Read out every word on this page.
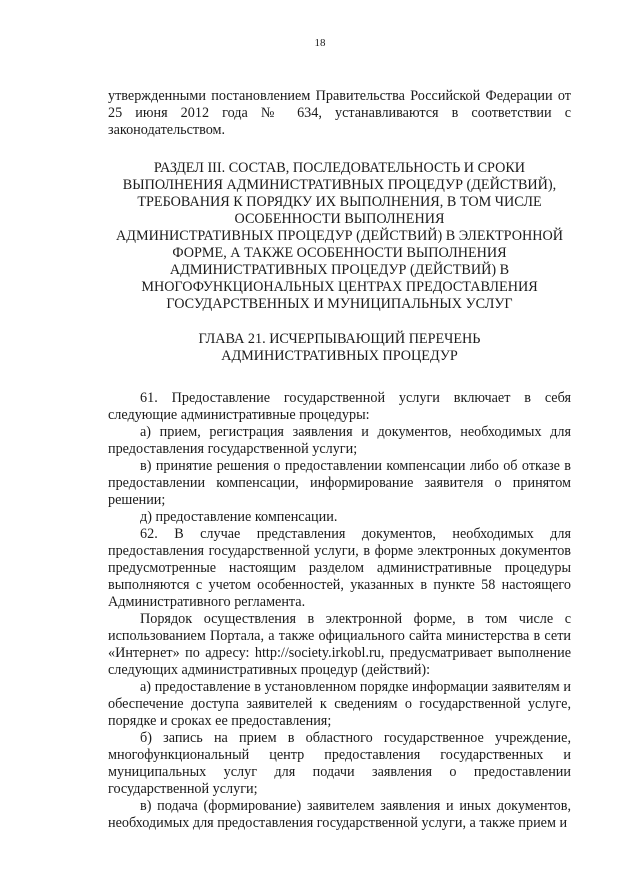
18

утвержденными постановлением Правительства Российской Федерации от 25 июня 2012 года № 634, устанавливаются в соответствии с законодательством.

РАЗДЕЛ III. СОСТАВ, ПОСЛЕДОВАТЕЛЬНОСТЬ И СРОКИ
ВЫПОЛНЕНИЯ АДМИНИСТРАТИВНЫХ ПРОЦЕДУР (ДЕЙСТВИЙ),
ТРЕБОВАНИЯ К ПОРЯДКУ ИХ ВЫПОЛНЕНИЯ, В ТОМ ЧИСЛЕ
ОСОБЕННОСТИ ВЫПОЛНЕНИЯ
АДМИНИСТРАТИВНЫХ ПРОЦЕДУР (ДЕЙСТВИЙ) В ЭЛЕКТРОННОЙ
ФОРМЕ, А ТАКЖЕ ОСОБЕННОСТИ ВЫПОЛНЕНИЯ
АДМИНИСТРАТИВНЫХ ПРОЦЕДУР (ДЕЙСТВИЙ) В
МНОГОФУНКЦИОНАЛЬНЫХ ЦЕНТРАХ ПРЕДОСТАВЛЕНИЯ
ГОСУДАРСТВЕННЫХ И МУНИЦИПАЛЬНЫХ УСЛУГ
ГЛАВА 21. ИСЧЕРПЫВАЮЩИЙ ПЕРЕЧЕНЬ
АДМИНИСТРАТИВНЫХ ПРОЦЕДУР

61. Предоставление государственной услуги включает в себя следующие административные процедуры:

а) прием, регистрация заявления и документов, необходимых для предоставления государственной услуги;

в) принятие решения о предоставлении компенсации либо об отказе в предоставлении компенсации, информирование заявителя о принятом решении;

д) предоставление компенсации.

62. В случае представления документов, необходимых для предоставления государственной услуги, в форме электронных документов предусмотренные настоящим разделом административные процедуры выполняются с учетом особенностей, указанных в пункте 58 настоящего Административного регламента.

Порядок осуществления в электронной форме, в том числе с использованием Портала, а также официального сайта министерства в сети «Интернет» по адресу: http://society.irkobl.ru, предусматривает выполнение следующих административных процедур (действий):

а) предоставление в установленном порядке информации заявителям и обеспечение доступа заявителей к сведениям о государственной услуге, порядке и сроках ее предоставления;

б) запись на прием в областного государственное учреждение, многофункциональный центр предоставления государственных и муниципальных услуг для подачи заявления о предоставлении государственной услуги;

в) подача (формирование) заявителем заявления и иных документов, необходимых для предоставления государственной услуги, а также прием и
